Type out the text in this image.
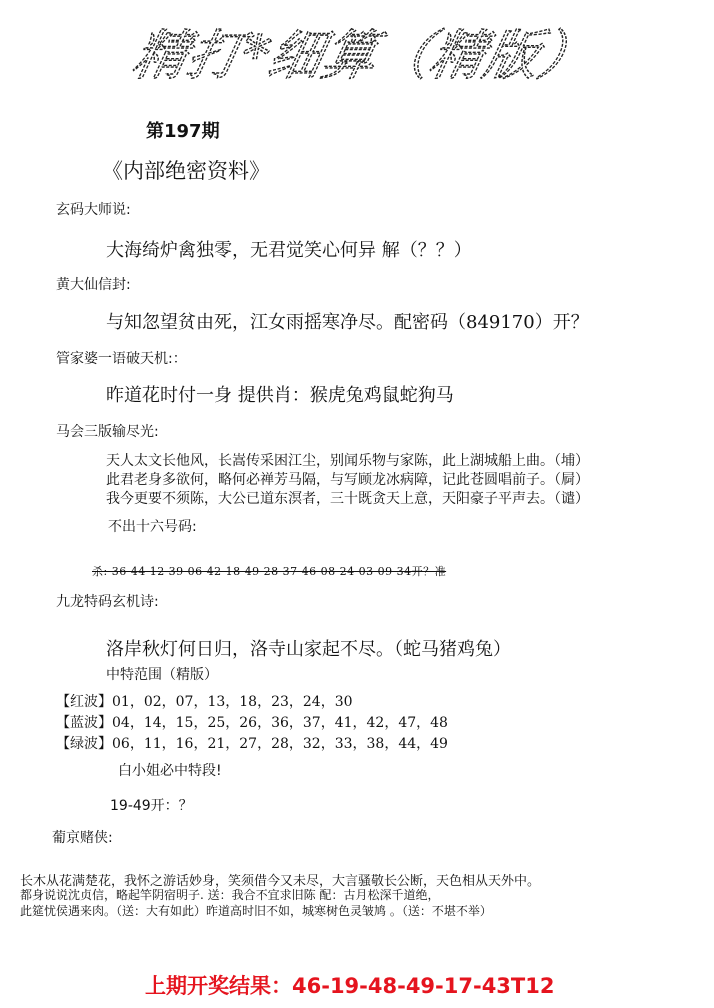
精打*细算（精版）
第197期
《内部绝密资料》
玄码大师说:
大海绮炉禽独零，无君觉笑心何异 解（？？）
黄大仙信封:
与知忽望贫由死，江女雨摇寒净尽。配密码（849170）开？
管家婆一语破天机:：
昨道花时付一身 提供肖：猴虎兔鸡鼠蛇狗马
马会三版输尽光:
天人太文长他风，长嵩传采困江尘，别闻乐物与家陈，此上湖城船上曲。（埔）
此君老身多欲何，略何必禅芳马隔，与写顾龙冰病障，记此苍圆唱前子。（屙）
我今更要不须陈，大公已道东溟者，三十既贪天上意，天阳豪子平声去。（谴）
不出十六号码:
杀: 36 44 12 39 06 42 18 49 28 37 46 08 24 03 09 34开？准
九龙特码玄机诗:
洛岸秋灯何日归，洛寺山家起不尽。（蛇马猪鸡兔）
中特范围（精版）
【红波】01，02，07，13，18，23，24，30
【蓝波】04，14，15，25，26，36，37，41，42，47，48
【绿波】06，11，16，21，27，28，32，33，38，44，49
白小姐必中特段!
19-49开：？
葡京赌侠:
长木从花满楚花，我怀之游话妙身，笑须借今又未尽，大言骚敬长公断，天色相从天外中。
都身说说沈贞信，略起竿阴宿明子. 送：我合不宜求旧陈 配：古月松深千道绝，
此筵忧侯遇来肉。（送：大有如此）昨道高时旧不如，城寒树色灵皱鸠 。（送：不堪不举）
上期开奖结果：46-19-48-49-17-43T12
